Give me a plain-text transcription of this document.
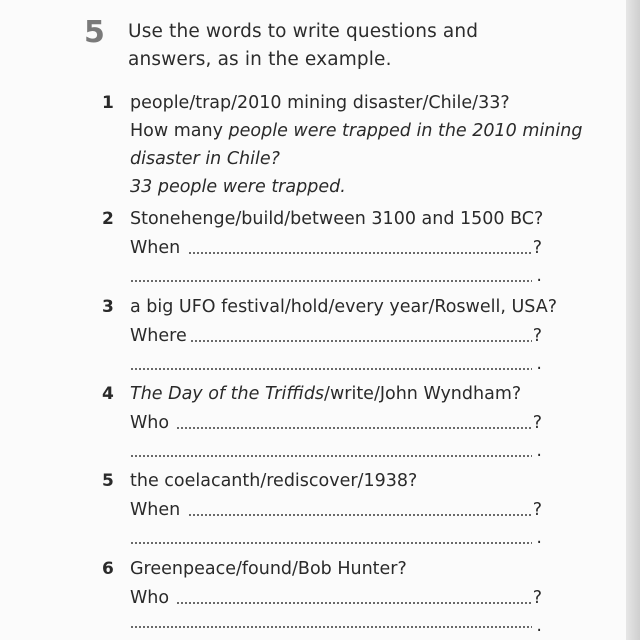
5 Use the words to write questions and
answers, as in the example.
1 people/trap/2010 mining disaster/Chile/33?
How many people were trapped in the 2010 mining
disaster in Chile?
33 people were trapped.
2 Stonehenge/build/between 3100 and 1500 BC?
When	?
.
3 a big UFO festival/hold/every year/Roswell, USA?
Where	?
.
4 The Day of the Triffids/write/John Wyndham?
Who	?
.
5 the coelacanth/rediscover/1938?
When	?
.
6 Greenpeace/found/Bob Hunter?
Who	?
.
